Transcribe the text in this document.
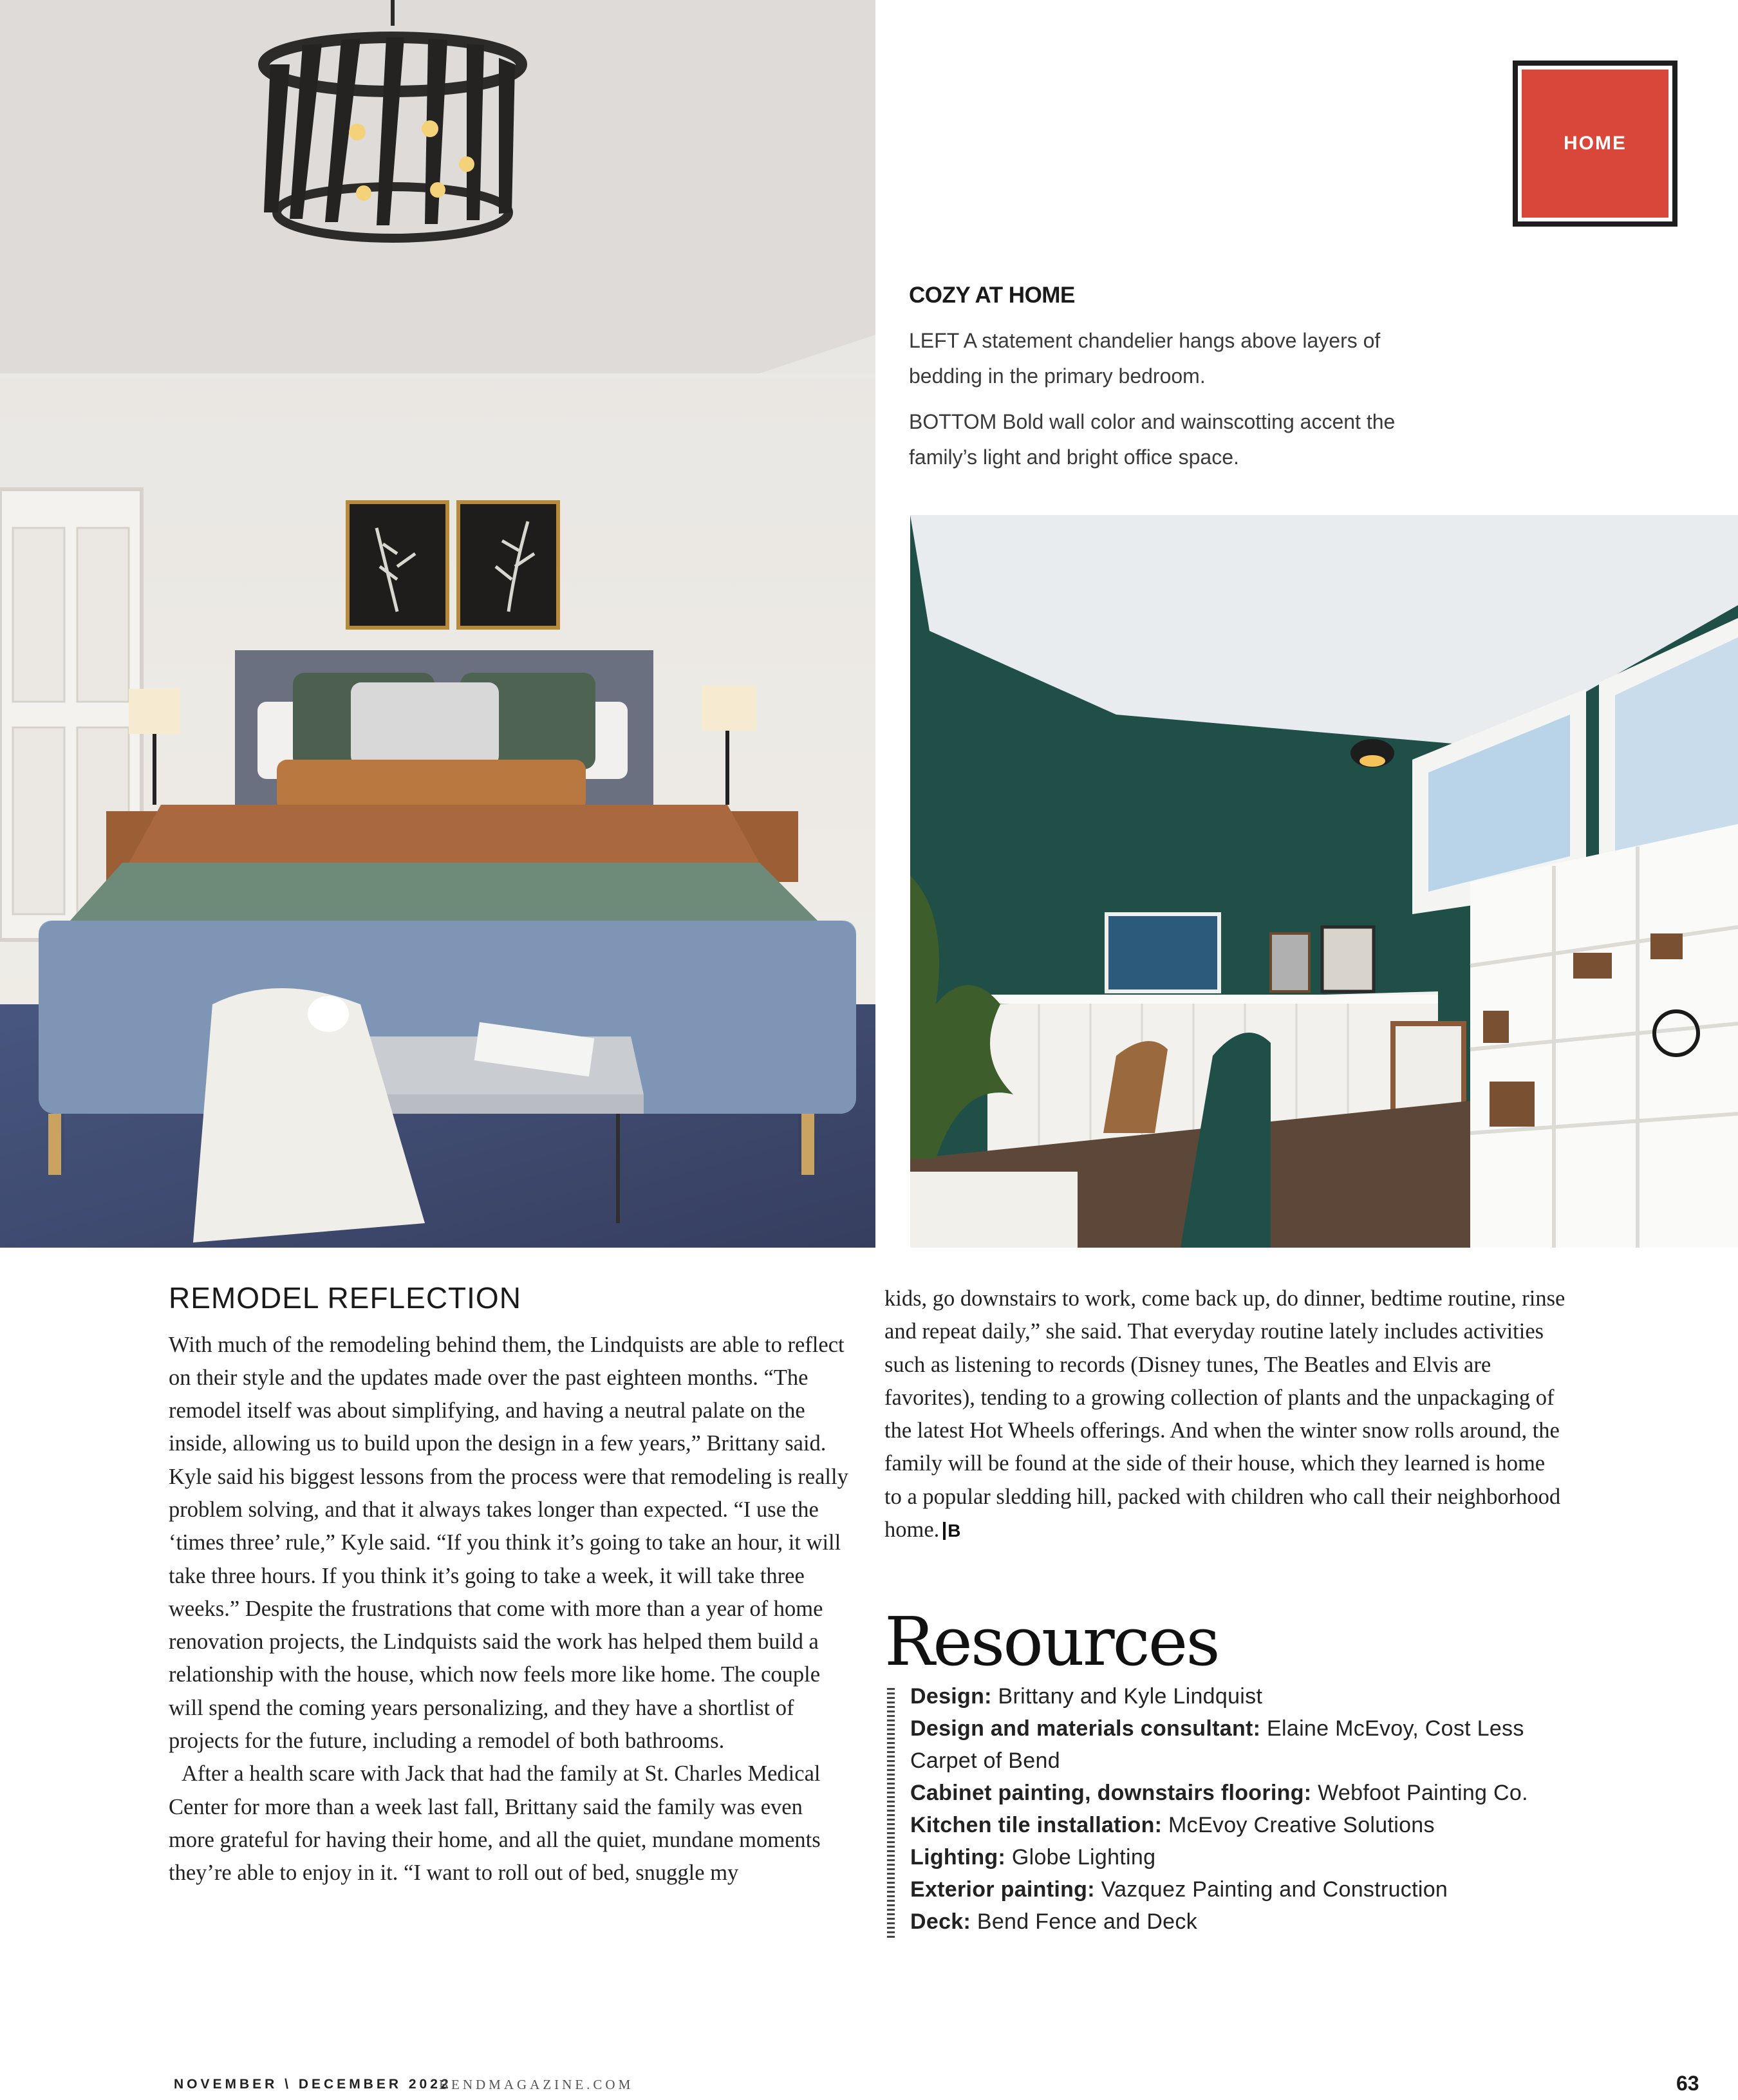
HOME
COZY AT HOME

LEFT A statement chandelier hangs above layers of bedding in the primary bedroom.

BOTTOM Bold wall color and wainscotting accent the family’s light and bright office space.

REMODEL REFLECTION

With much of the remodeling behind them, the Lindquists are able to reflect on their style and the updates made over the past eighteen months. “The remodel itself was about simplifying, and having a neutral palate on the inside, allowing us to build upon the design in a few years,” Brittany said. Kyle said his biggest lessons from the process were that remodeling is really problem solving, and that it always takes longer than expected. “I use the ‘times three’ rule,” Kyle said. “If you think it’s going to take an hour, it will take three hours. If you think it’s going to take a week, it will take three weeks.” Despite the frustrations that come with more than a year of home renovation projects, the Lindquists said the work has helped them build a relationship with the house, which now feels more like home. The couple will spend the coming years personalizing, and they have a shortlist of projects for the future, including a remodel of both bathrooms.

After a health scare with Jack that had the family at St. Charles Medical Center for more than a week last fall, Brittany said the family was even more grateful for having their home, and all the quiet, mundane moments they’re able to enjoy in it. “I want to roll out of bed, snuggle my

kids, go downstairs to work, come back up, do dinner, bedtime routine, rinse and repeat daily,” she said. That everyday routine lately includes activities such as listening to records (Disney tunes, The Beatles and Elvis are favorites), tending to a growing collection of plants and the unpackaging of the latest Hot Wheels offerings. And when the winter snow rolls around, the family will be found at the side of their house, which they learned is home to a popular sledding hill, packed with children who call their neighborhood home. B

Resources
Design: Brittany and Kyle Lindquist
Design and materials consultant: Elaine McEvoy, Cost Less Carpet of Bend
Cabinet painting, downstairs flooring: Webfoot Painting Co.
Kitchen tile installation: McEvoy Creative Solutions
Lighting: Globe Lighting
Exterior painting: Vazquez Painting and Construction
Deck: Bend Fence and Deck
NOVEMBER \ DECEMBER 2022
BENDMAGAZINE.COM	63
